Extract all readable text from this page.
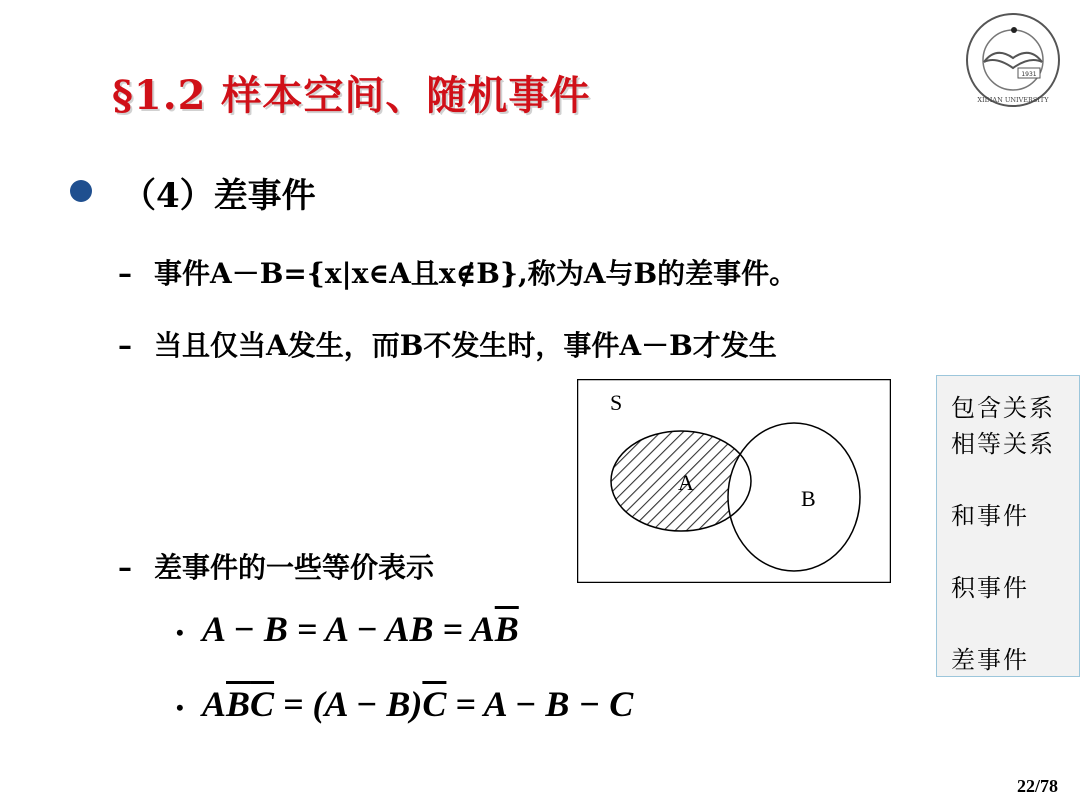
§1.2 样本空间、随机事件	1931
XIDIAN UNIVERSITY
（4）差事件
– 事件A－B={x|x∈A且x∉B},称为A与B的差事件。
– 当且仅当A发生，而B不发生时，事件A－B才发生
– 差事件的一些等价表示
S
A
B
包含关系
相等关系
和事件
积事件
差事件
• A − B = A − AB = $A\overline{B}$
• $A\overline{B}\overline{C} = (A - B)\overline{C} = A - B - C$
22/78
